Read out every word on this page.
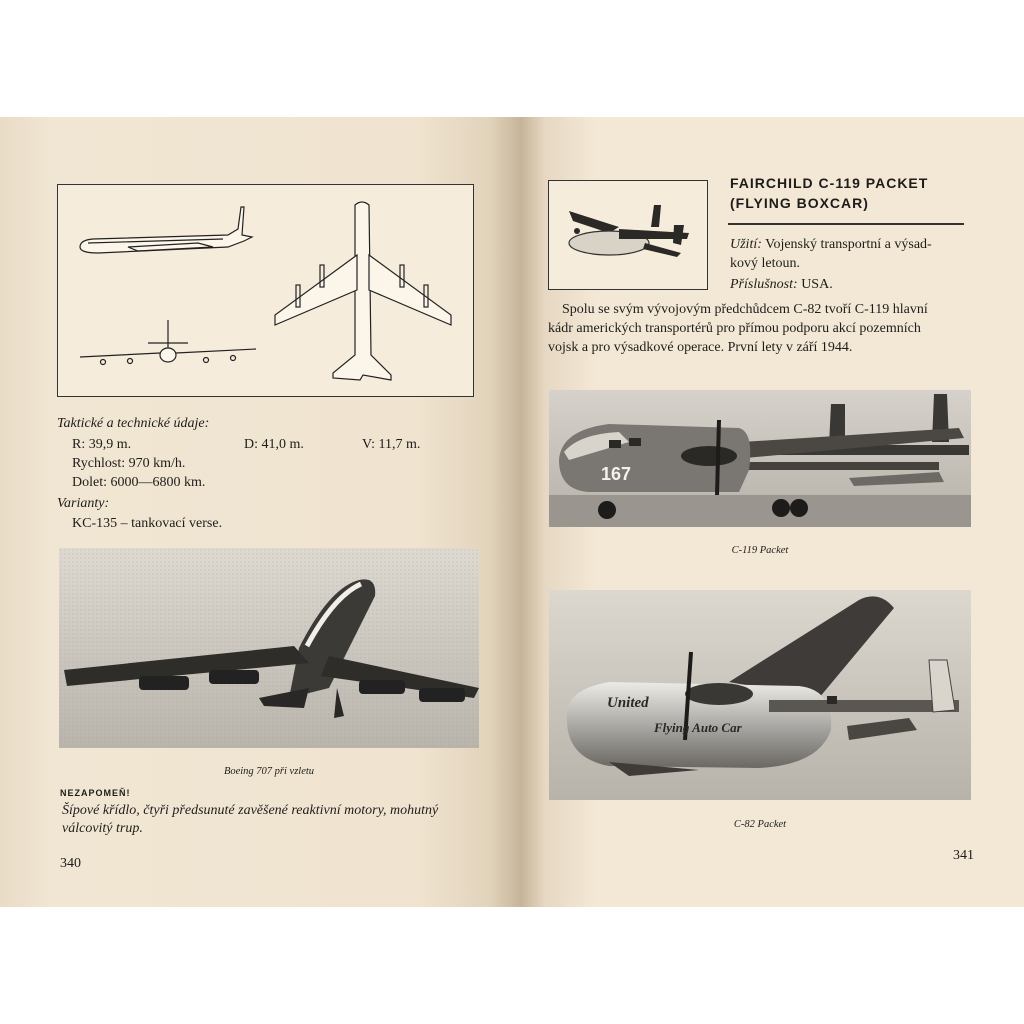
Taktické a technické údaje:
R: 39,9 m.	D: 41,0 m.	V: 11,7 m.
Rychlost: 970 km/h.
Dolet: 6000—6800 km.
Varianty:
KC-135 – tankovací verse.
Boeing 707 při vzletu
NEZAPOMEŇ!
Šípové křídlo, čtyři předsunuté zavěšené reaktivní motory, mohutný
válcovitý trup.
340
FAIRCHILD C-119 PACKET
(FLYING BOXCAR)
Užití: Vojenský transportní a výsad-
kový letoun.
Příslušnost: USA.
Spolu se svým vývojovým předchůdcem C-82 tvoří C-119 hlavní
kádr amerických transportérů pro přímou podporu akcí pozemních
vojsk a pro výsadkové operace. První lety v září 1944.
167
C-119 Packet
United
Flying Auto Car
C-82 Packet
341
